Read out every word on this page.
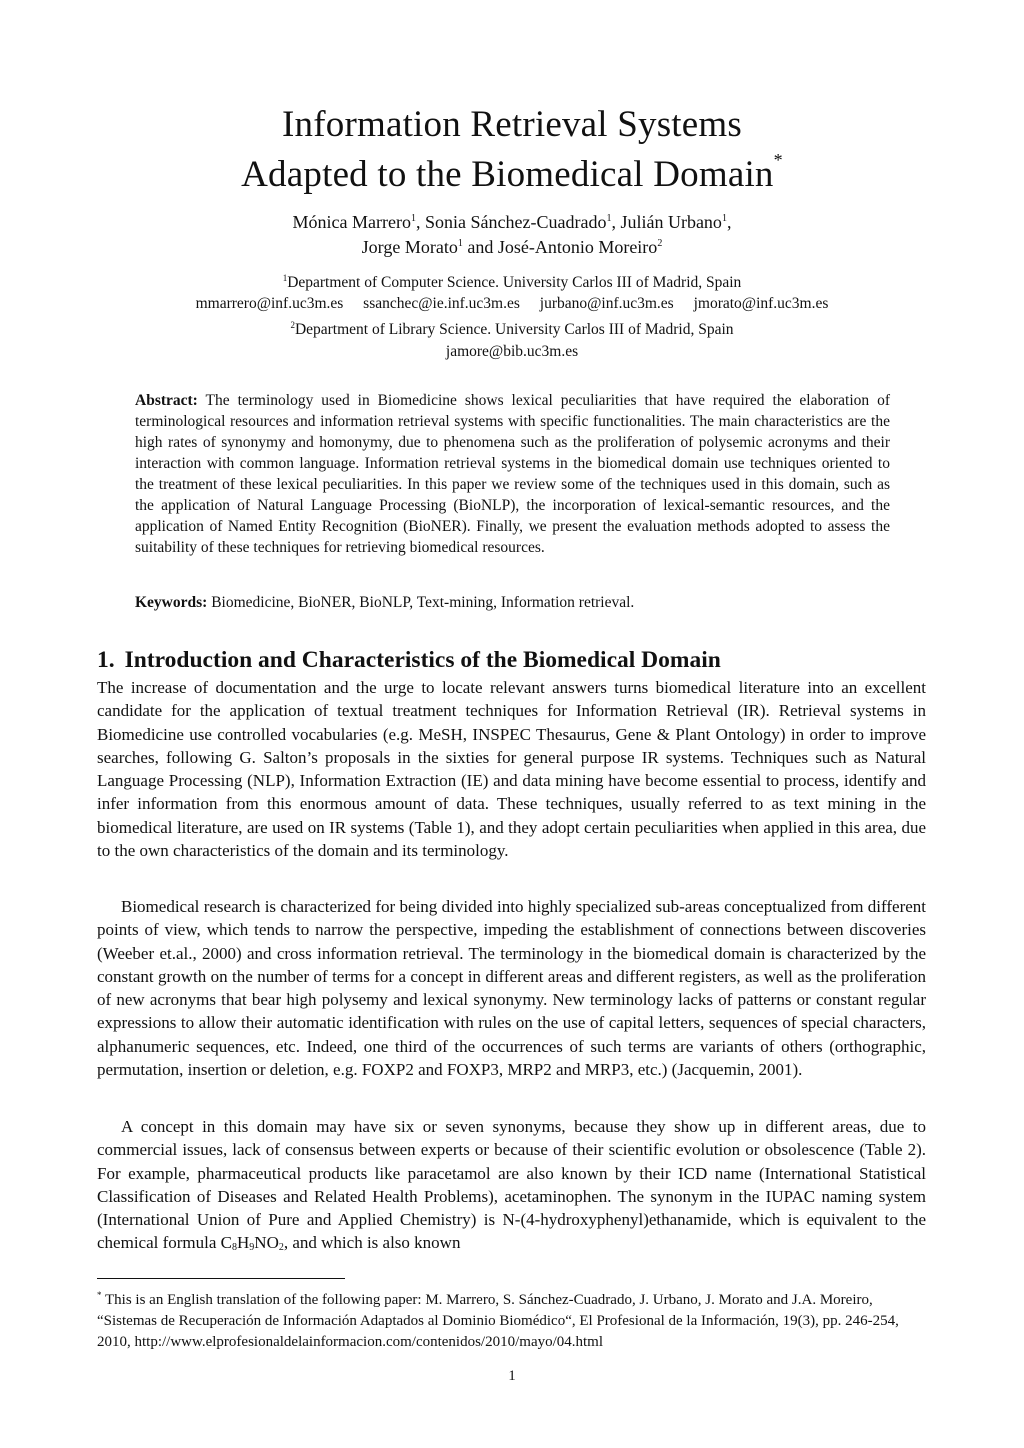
Information Retrieval Systems
Adapted to the Biomedical Domain*
Mónica Marrero$^1$, Sonia Sánchez-Cuadrado$^1$, Julián Urbano$^1$,
Jorge Morato$^1$ and José-Antonio Moreiro$^2$
$^1$Department of Computer Science. University Carlos III of Madrid, Spain
mmarrero@inf.uc3m.es ssanchec@ie.inf.uc3m.es jurbano@inf.uc3m.es jmorato@inf.uc3m.es
$^2$Department of Library Science. University Carlos III of Madrid, Spain
jamore@bib.uc3m.es
Abstract: The terminology used in Biomedicine shows lexical peculiarities that have required the elaboration of terminological resources and information retrieval systems with specific functionalities. The main characteristics are the high rates of synonymy and homonymy, due to phenomena such as the proliferation of polysemic acronyms and their interaction with common language. Information retrieval systems in the biomedical domain use techniques oriented to the treatment of these lexical peculiarities. In this paper we review some of the techniques used in this domain, such as the application of Natural Language Processing (BioNLP), the incorporation of lexical-semantic resources, and the application of Named Entity Recognition (BioNER). Finally, we present the evaluation methods adopted to assess the suitability of these techniques for retrieving biomedical resources.
Keywords: Biomedicine, BioNER, BioNLP, Text-mining, Information retrieval.
1. Introduction and Characteristics of the Biomedical Domain

The increase of documentation and the urge to locate relevant answers turns biomedical literature into an excellent candidate for the application of textual treatment techniques for Information Retrieval (IR). Retrieval systems in Biomedicine use controlled vocabularies (e.g. MeSH, INSPEC Thesaurus, Gene & Plant Ontology) in order to improve searches, following G. Salton’s proposals in the sixties for general purpose IR systems. Techniques such as Natural Language Processing (NLP), Information Extraction (IE) and data mining have become essential to process, identify and infer information from this enormous amount of data. These techniques, usually referred to as text mining in the biomedical literature, are used on IR systems (Table 1), and they adopt certain peculiarities when applied in this area, due to the own characteristics of the domain and its terminology.

Biomedical research is characterized for being divided into highly specialized sub-areas conceptualized from different points of view, which tends to narrow the perspective, impeding the establishment of connections between discoveries (Weeber et.al., 2000) and cross information retrieval. The terminology in the biomedical domain is characterized by the constant growth on the number of terms for a concept in different areas and different registers, as well as the proliferation of new acronyms that bear high polysemy and lexical synonymy. New terminology lacks of patterns or constant regular expressions to allow their automatic identification with rules on the use of capital letters, sequences of special characters, alphanumeric sequences, etc. Indeed, one third of the occurrences of such terms are variants of others (orthographic, permutation, insertion or deletion, e.g. FOXP2 and FOXP3, MRP2 and MRP3, etc.) (Jacquemin, 2001).

A concept in this domain may have six or seven synonyms, because they show up in different areas, due to commercial issues, lack of consensus between experts or because of their scientific evolution or obsolescence (Table 2). For example, pharmaceutical products like paracetamol are also known by their ICD name (International Statistical Classification of Diseases and Related Health Problems), acetaminophen. The synonym in the IUPAC naming system (International Union of Pure and Applied Chemistry) is N-(4-hydroxyphenyl)ethanamide, which is equivalent to the chemical formula $C_8H_9NO_2$, and which is also known

* This is an English translation of the following paper: M. Marrero, S. Sánchez-Cuadrado, J. Urbano, J. Morato and J.A. Moreiro, “Sistemas de Recuperación de Información Adaptados al Dominio Biomédico“, El Profesional de la Información, 19(3), pp. 246-254, 2010, http://www.elprofesionaldelainformacion.com/contenidos/2010/mayo/04.html
1
